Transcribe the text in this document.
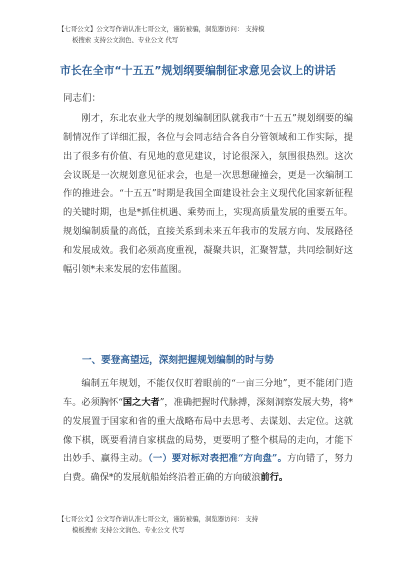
【七哥公文】公文写作请认准七哥公文，谨防被骗，洞览器访问： 支持模
板搜索 支持公文润色、专业公文 代写
市长在全市“十五五”规划纲要编制征求意见会议上的讲话
同志们：

刚才，东北农业大学的规划编制团队就我市“十五五”规划纲要的编制情况作了详细汇报，各位与会同志结合各自分管领域和工作实际，提出了很多有价值、有见地的意见建议，讨论很深入，氛围很热烈。这次会议既是一次规划意见征求会，也是一次思想碰撞会，更是一次编制工作的推进会。“十五五”时期是我国全面建设社会主义现代化国家新征程的关键时期，也是*抓住机遇、乘势而上，实现高质量发展的重要五年。规划编制质量的高低，直接关系到未来五年我市的发展方向、发展路径和发展成效。我们必须高度重视，凝聚共识，汇聚智慧，共同绘制好这幅引领*未来发展的宏伟蓝图。

一、要登高望远，深刻把握规划编制的时与势

编制五年规划，不能仅仅盯着眼前的“一亩三分地”，更不能闭门造车。必须胸怀“国之大者”，准确把握时代脉搏，深刻洞察发展大势，将*的发展置于国家和省的重大战略布局中去思考、去谋划、去定位。这就像下棋，既要看清自家棋盘的局势，更要明了整个棋局的走向，才能下出妙手、赢得主动。（一）要对标对表把准“方向盘”。方向错了，努力白费。确保*的发展航船始终沿着正确的方向破浪前行。

【七哥公文】公文写作请认准七哥公文，谨防被骗，洞览器访问： 支持
模板搜索 支持公文润色、专业公文 代写
